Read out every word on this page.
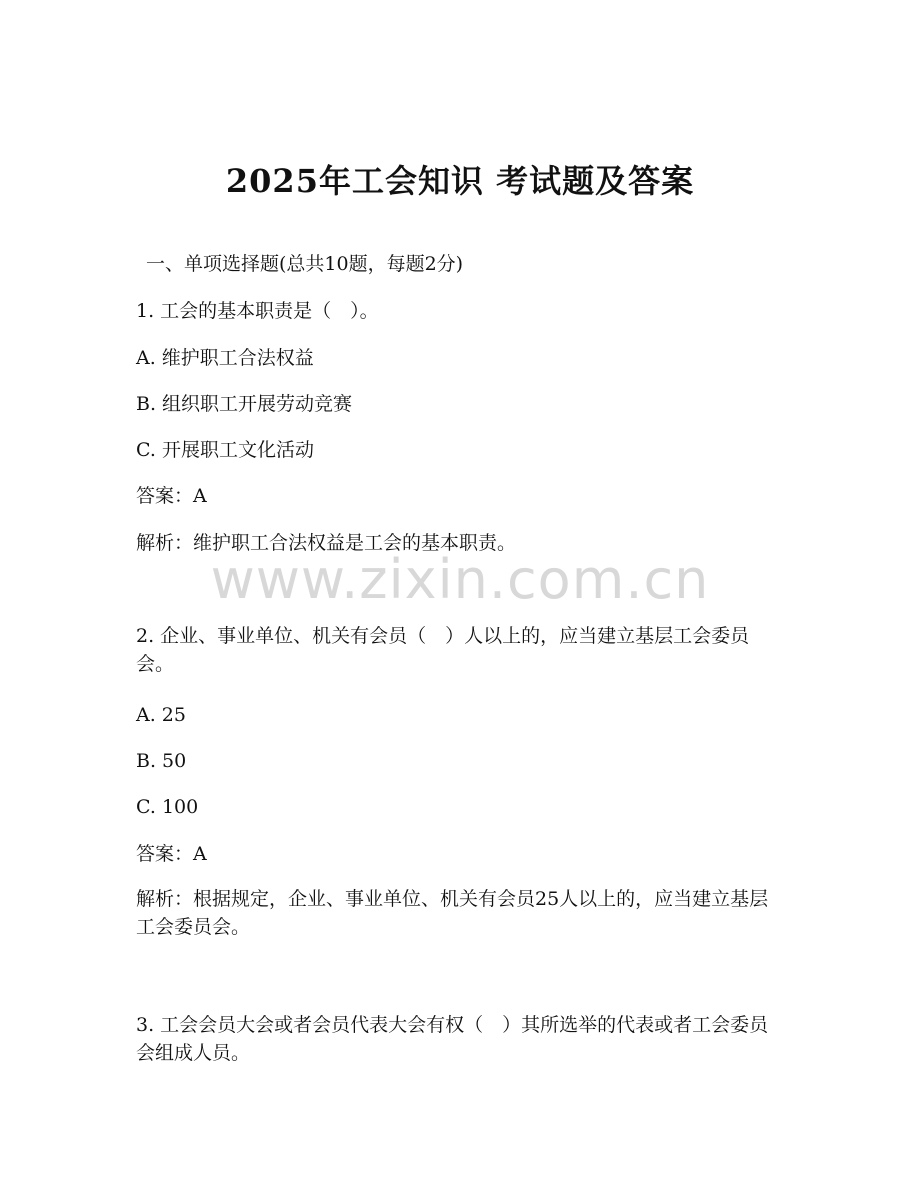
2025年工会知识 考试题及答案
一、单项选择题(总共10题，每题2分)
1. 工会的基本职责是（　）。
A. 维护职工合法权益
B. 组织职工开展劳动竞赛
C. 开展职工文化活动
答案：A
解析：维护职工合法权益是工会的基本职责。
www.zixin.com.cn
2. 企业、事业单位、机关有会员（　）人以上的，应当建立基层工会委员会。
A. 25
B. 50
C. 100
答案：A
解析：根据规定，企业、事业单位、机关有会员25人以上的，应当建立基层工会委员会。
3. 工会会员大会或者会员代表大会有权（　）其所选举的代表或者工会委员会组成人员。
